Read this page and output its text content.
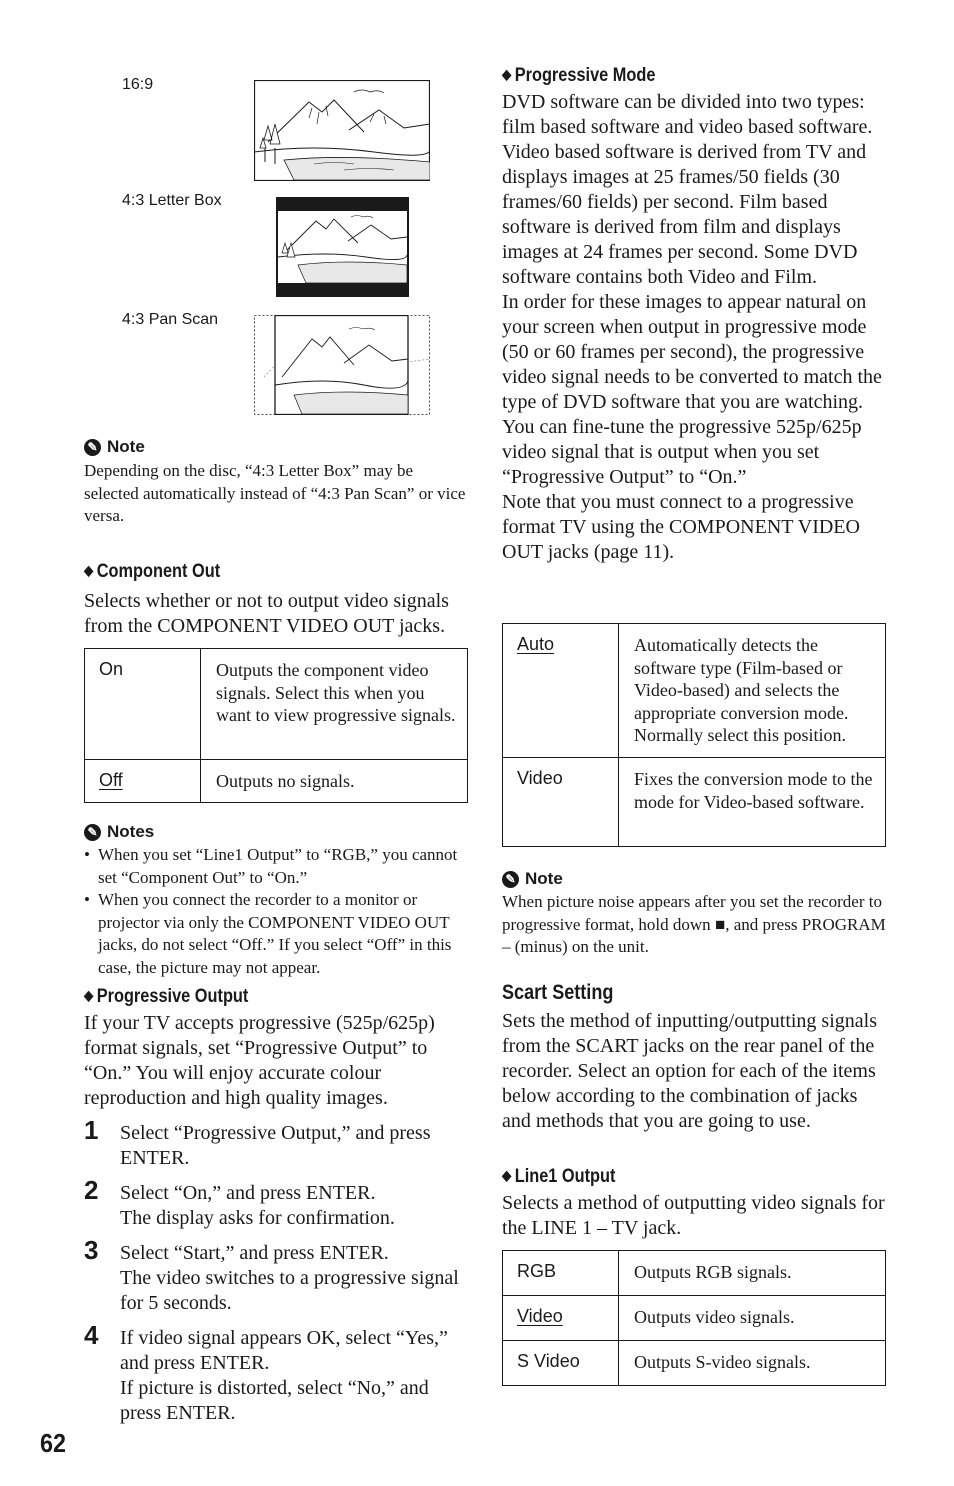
16:9
4:3 Letter Box
4:3 Pan Scan
✎ Note
Depending on the disc, “4:3 Letter Box” may be selected automatically instead of “4:3 Pan Scan” or vice versa.
◆ Component Out
Selects whether or not to output video signals from the COMPONENT VIDEO OUT jacks.
On	Outputs the component video signals. Select this when you want to view progressive signals.
Off	Outputs no signals.
✎ Notes
• When you set “Line1 Output” to “RGB,” you cannot set “Component Out” to “On.”
• When you connect the recorder to a monitor or projector via only the COMPONENT VIDEO OUT jacks, do not select “Off.” If you select “Off” in this case, the picture may not appear.
◆ Progressive Output
If your TV accepts progressive (525p/625p) format signals, set “Progressive Output” to “On.” You will enjoy accurate colour reproduction and high quality images.
1 Select “Progressive Output,” and press ENTER.
2 Select “On,” and press ENTER.
The display asks for confirmation.
3 Select “Start,” and press ENTER.
The video switches to a progressive signal for 5 seconds.
4 If video signal appears OK, select “Yes,” and press ENTER.
If picture is distorted, select “No,” and press ENTER.
◆ Progressive Mode
DVD software can be divided into two types: film based software and video based software. Video based software is derived from TV and displays images at 25 frames/50 fields (30 frames/60 fields) per second. Film based software is derived from film and displays images at 24 frames per second. Some DVD software contains both Video and Film.
In order for these images to appear natural on your screen when output in progressive mode (50 or 60 frames per second), the progressive video signal needs to be converted to match the type of DVD software that you are watching.
You can fine-tune the progressive 525p/625p video signal that is output when you set “Progressive Output” to “On.”
Note that you must connect to a progressive format TV using the COMPONENT VIDEO OUT jacks (page 11).
Auto	Automatically detects the software type (Film-based or Video-based) and selects the appropriate conversion mode. Normally select this position.
Video	Fixes the conversion mode to the mode for Video-based software.
✎ Note
When picture noise appears after you set the recorder to progressive format, hold down ■, and press PROGRAM – (minus) on the unit.
Scart Setting
Sets the method of inputting/outputting signals from the SCART jacks on the rear panel of the recorder. Select an option for each of the items below according to the combination of jacks and methods that you are going to use.
◆ Line1 Output
Selects a method of outputting video signals for the LINE 1 – TV jack.
RGB	Outputs RGB signals.
Video	Outputs video signals.
S Video	Outputs S-video signals.
62
